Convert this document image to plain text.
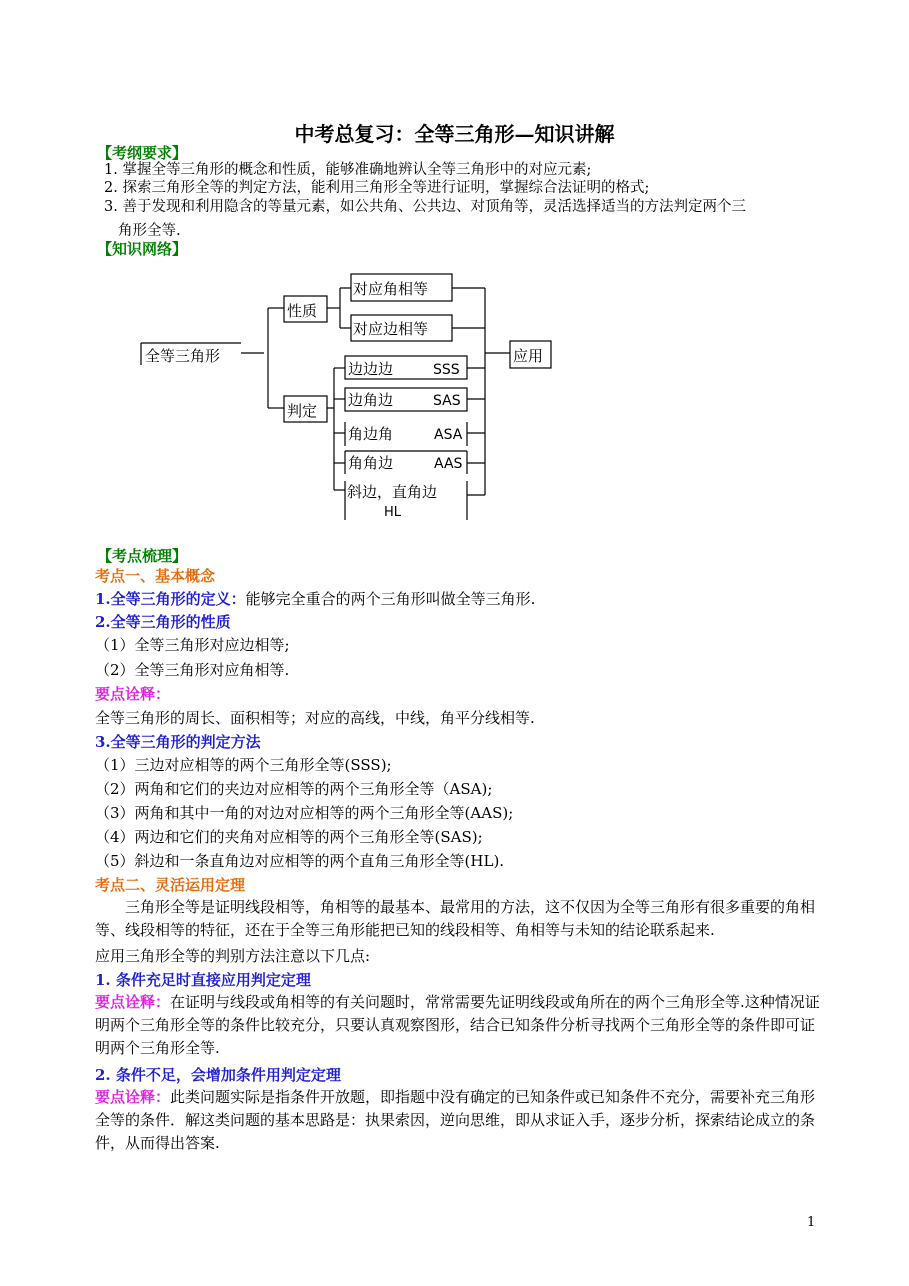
中考总复习：全等三角形—知识讲解
【考纲要求】
1. 掌握全等三角形的概念和性质，能够准确地辨认全等三角形中的对应元素;
2. 探索三角形全等的判定方法，能利用三角形全等进行证明，掌握综合法证明的格式;
3. 善于发现和利用隐含的等量元素，如公共角、公共边、对顶角等，灵活选择适当的方法判定两个三
角形全等.
【知识网络】
全等三角形
性质
对应角相等
对应边相等
判定
边边边	SSS
边角边	SAS
角边角	ASA
角角边	AAS
斜边，直角边
HL
应用
【考点梳理】
考点一、基本概念
1.全等三角形的定义：能够完全重合的两个三角形叫做全等三角形.
2.全等三角形的性质
（1）全等三角形对应边相等;
（2）全等三角形对应角相等.
要点诠释：
全等三角形的周长、面积相等；对应的高线，中线，角平分线相等.
3.全等三角形的判定方法
（1）三边对应相等的两个三角形全等(SSS);
（2）两角和它们的夹边对应相等的两个三角形全等（ASA);
（3）两角和其中一角的对边对应相等的两个三角形全等(AAS);
（4）两边和它们的夹角对应相等的两个三角形全等(SAS);
（5）斜边和一条直角边对应相等的两个直角三角形全等(HL).
考点二、灵活运用定理
三角形全等是证明线段相等，角相等的最基本、最常用的方法，这不仅因为全等三角形有很多重要的角相等、线段相等的特征，还在于全等三角形能把已知的线段相等、角相等与未知的结论联系起来.
应用三角形全等的判别方法注意以下几点:
1. 条件充足时直接应用判定定理
要点诠释：在证明与线段或角相等的有关问题时，常常需要先证明线段或角所在的两个三角形全等.这种情况证明两个三角形全等的条件比较充分，只要认真观察图形，结合已知条件分析寻找两个三角形全等的条件即可证明两个三角形全等.
2. 条件不足，会增加条件用判定定理
要点诠释：此类问题实际是指条件开放题，即指题中没有确定的已知条件或已知条件不充分，需要补充三角形全等的条件．解这类问题的基本思路是：执果索因，逆向思维，即从求证入手，逐步分析，探索结论成立的条件，从而得出答案.
1
